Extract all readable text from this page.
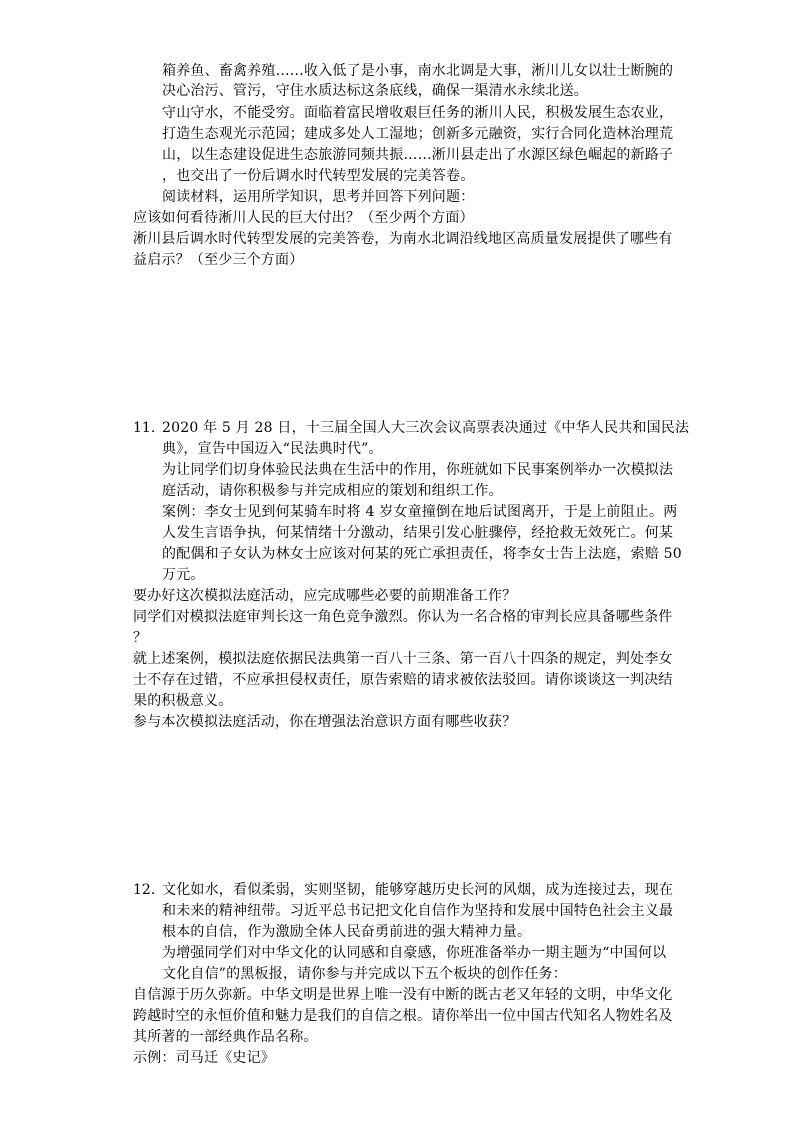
箱养鱼、畜禽养殖……收入低了是小事，南水北调是大事，淅川儿女以壮士断腕的
决心治污、管污，守住水质达标这条底线，确保一渠清水永续北送。
守山守水，不能受穷。面临着富民增收艰巨任务的淅川人民，积极发展生态农业，
打造生态观光示范园；建成多处人工湿地；创新多元融资，实行合同化造林治理荒
山，以生态建设促进生态旅游同频共振……淅川县走出了水源区绿色崛起的新路子
，也交出了一份后调水时代转型发展的完美答卷。
阅读材料，运用所学知识，思考并回答下列问题：
应该如何看待淅川人民的巨大付出？（至少两个方面）
淅川县后调水时代转型发展的完美答卷，为南水北调沿线地区高质量发展提供了哪些有
益启示？（至少三个方面）
11. 2020 年 5 月 28 日，十三届全国人大三次会议高票表决通过《中华人民共和国民法
典》，宣告中国迈入“民法典时代”。
为让同学们切身体验民法典在生活中的作用，你班就如下民事案例举办一次模拟法
庭活动，请你积极参与并完成相应的策划和组织工作。
案例：李女士见到何某骑车时将 4 岁女童撞倒在地后试图离开，于是上前阻止。两
人发生言语争执，何某情绪十分激动，结果引发心脏骤停，经抢救无效死亡。何某
的配偶和子女认为林女士应该对何某的死亡承担责任，将李女士告上法庭，索赔 50
万元。
要办好这次模拟法庭活动，应完成哪些必要的前期准备工作？
同学们对模拟法庭审判长这一角色竞争激烈。你认为一名合格的审判长应具备哪些条件
？
就上述案例，模拟法庭依据民法典第一百八十三条、第一百八十四条的规定，判处李女
士不存在过错，不应承担侵权责任，原告索赔的请求被依法驳回。请你谈谈这一判决结
果的积极意义。
参与本次模拟法庭活动，你在增强法治意识方面有哪些收获？
12. 文化如水，看似柔弱，实则坚韧，能够穿越历史长河的风烟，成为连接过去，现在
和未来的精神纽带。习近平总书记把文化自信作为坚持和发展中国特色社会主义最
根本的自信，作为激励全体人民奋勇前进的强大精神力量。
为增强同学们对中华文化的认同感和自豪感，你班准备举办一期主题为“中国何以
文化自信”的黑板报，请你参与并完成以下五个板块的创作任务：
自信源于历久弥新。中华文明是世界上唯一没有中断的既古老又年轻的文明，中华文化
跨越时空的永恒价值和魅力是我们的自信之根。请你举出一位中国古代知名人物姓名及
其所著的一部经典作品名称。
示例：司马迁《史记》
